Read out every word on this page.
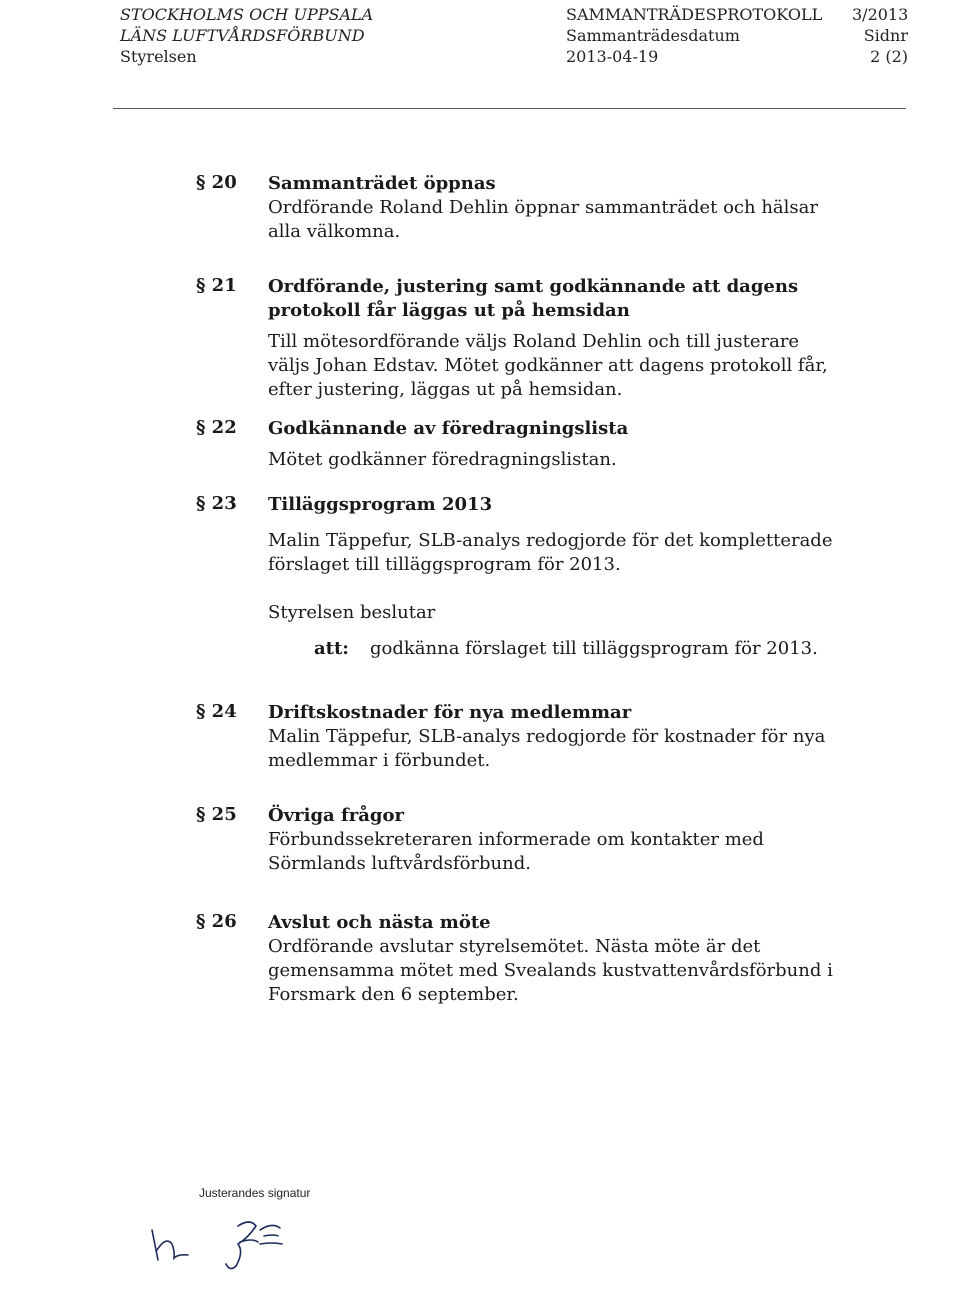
STOCKHOLMS OCH UPPSALA
LÄNS LUFTVÅRDSFÖRBUND
Styrelsen
SAMMANTRÄDESPROTOKOLL
Sammanträdesdatum
2013-04-19
3/2013
Sidnr
2 (2)
§ 20 Sammanträdet öppnas
Ordförande Roland Dehlin öppnar sammanträdet och hälsar alla välkomna.
§ 21 Ordförande, justering samt godkännande att dagens protokoll får läggas ut på hemsidan
Till mötesordförande väljs Roland Dehlin och till justerare väljs Johan Edstav. Mötet godkänner att dagens protokoll får, efter justering, läggas ut på hemsidan.
§ 22 Godkännande av föredragningslista
Mötet godkänner föredragningslistan.
§ 23 Tilläggsprogram 2013
Malin Täppefur, SLB-analys redogjorde för det kompletterade förslaget till tilläggsprogram för 2013.
Styrelsen beslutar
att: godkänna förslaget till tilläggsprogram för 2013.
§ 24 Driftskostnader för nya medlemmar
Malin Täppefur, SLB-analys redogjorde för kostnader för nya medlemmar i förbundet.
§ 25 Övriga frågor
Förbundssekreteraren informerade om kontakter med Sörmlands luftvårdsförbund.
§ 26 Avslut och nästa möte
Ordförande avslutar styrelsemötet. Nästa möte är det gemensamma mötet med Svealands kustvattenvårdsförbund i Forsmark den 6 september.
Justerandes signatur
